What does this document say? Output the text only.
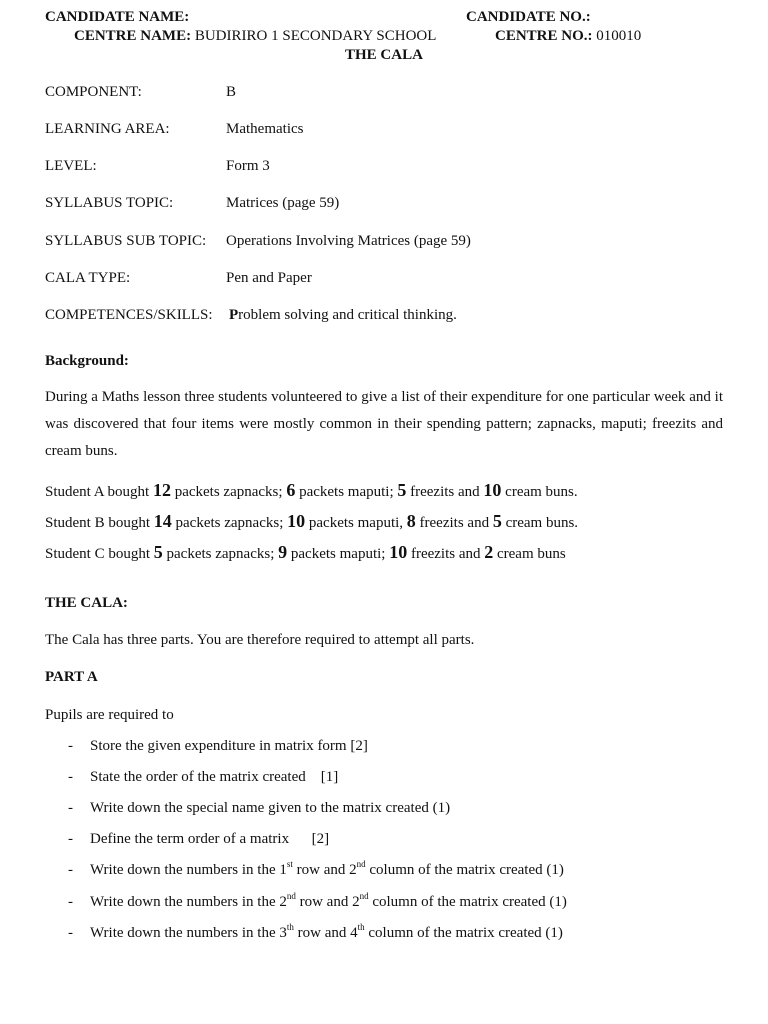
CANDIDATE NAME:	CANDIDATE NO.:
CENTRE NAME: BUDIRIRO 1 SECONDARY SCHOOL	CENTRE NO.: 010010
THE CALA
COMPONENT:	B
LEARNING AREA:	Mathematics
LEVEL:	Form 3
SYLLABUS TOPIC:	Matrices (page 59)
SYLLABUS SUB TOPIC: Operations Involving Matrices (page 59)
CALA TYPE:	Pen and Paper
COMPETENCES/SKILLS: Problem solving and critical thinking.
Background:
During a Maths lesson three students volunteered to give a list of their expenditure for one particular week and it was discovered that four items were mostly common in their spending pattern; zapnacks, maputi; freezits and cream buns.
Student A bought 12 packets zapnacks; 6 packets maputi; 5 freezits and 10 cream buns.
Student B bought 14 packets zapnacks; 10 packets maputi, 8 freezits and 5 cream buns.
Student C bought 5 packets zapnacks; 9 packets maputi; 10 freezits and 2 cream buns
THE CALA:
The Cala has three parts. You are therefore required to attempt all parts.
PART A
Pupils are required to
- Store the given expenditure in matrix form [2]
- State the order of the matrix created    [1]
- Write down the special name given to the matrix created (1)
- Define the term order of a matrix      [2]
- Write down the numbers in the 1st row and 2nd column of the matrix created (1)
- Write down the numbers in the 2nd row and 2nd column of the matrix created (1)
- Write down the numbers in the 3th row and 4th column of the matrix created (1)
